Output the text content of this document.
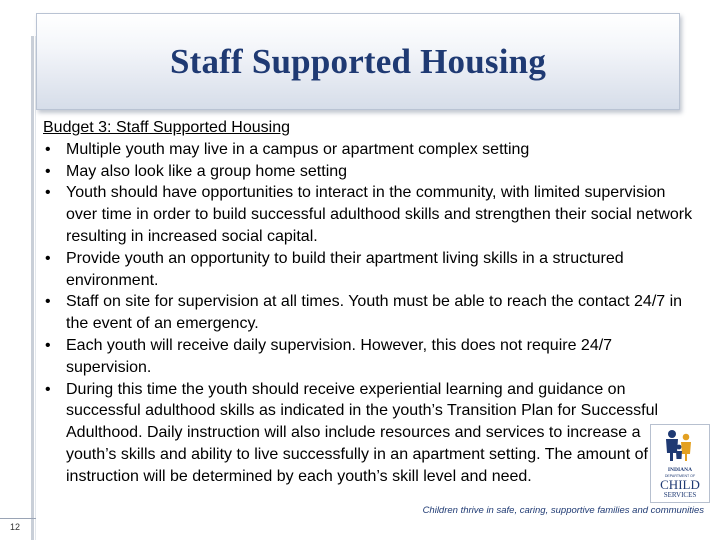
Staff Supported Housing

Budget 3: Staff Supported Housing

• Multiple youth may live in a campus or apartment complex setting
• May also look like a group home setting
• Youth should have opportunities to interact in the community, with limited supervision over time in order to build successful adulthood skills and strengthen their social network resulting in increased social capital.
• Provide youth an opportunity to build their apartment living skills in a structured environment.
• Staff on site for supervision at all times. Youth must be able to reach the contact 24/7 in the event of an emergency.
• Each youth will receive daily supervision. However, this does not require 24/7 supervision.
• During this time the youth should receive experiential learning and guidance on successful adulthood skills as indicated in the youth’s Transition Plan for Successful Adulthood. Daily instruction will also include resources and services to increase a youth’s skills and ability to live successfully in an apartment setting. The amount of instruction will be determined by each youth’s skill level and need.	INDIANA
DEPARTMENT OF
CHILD
SERVICES
Children thrive in safe, caring, supportive families and communities
12
